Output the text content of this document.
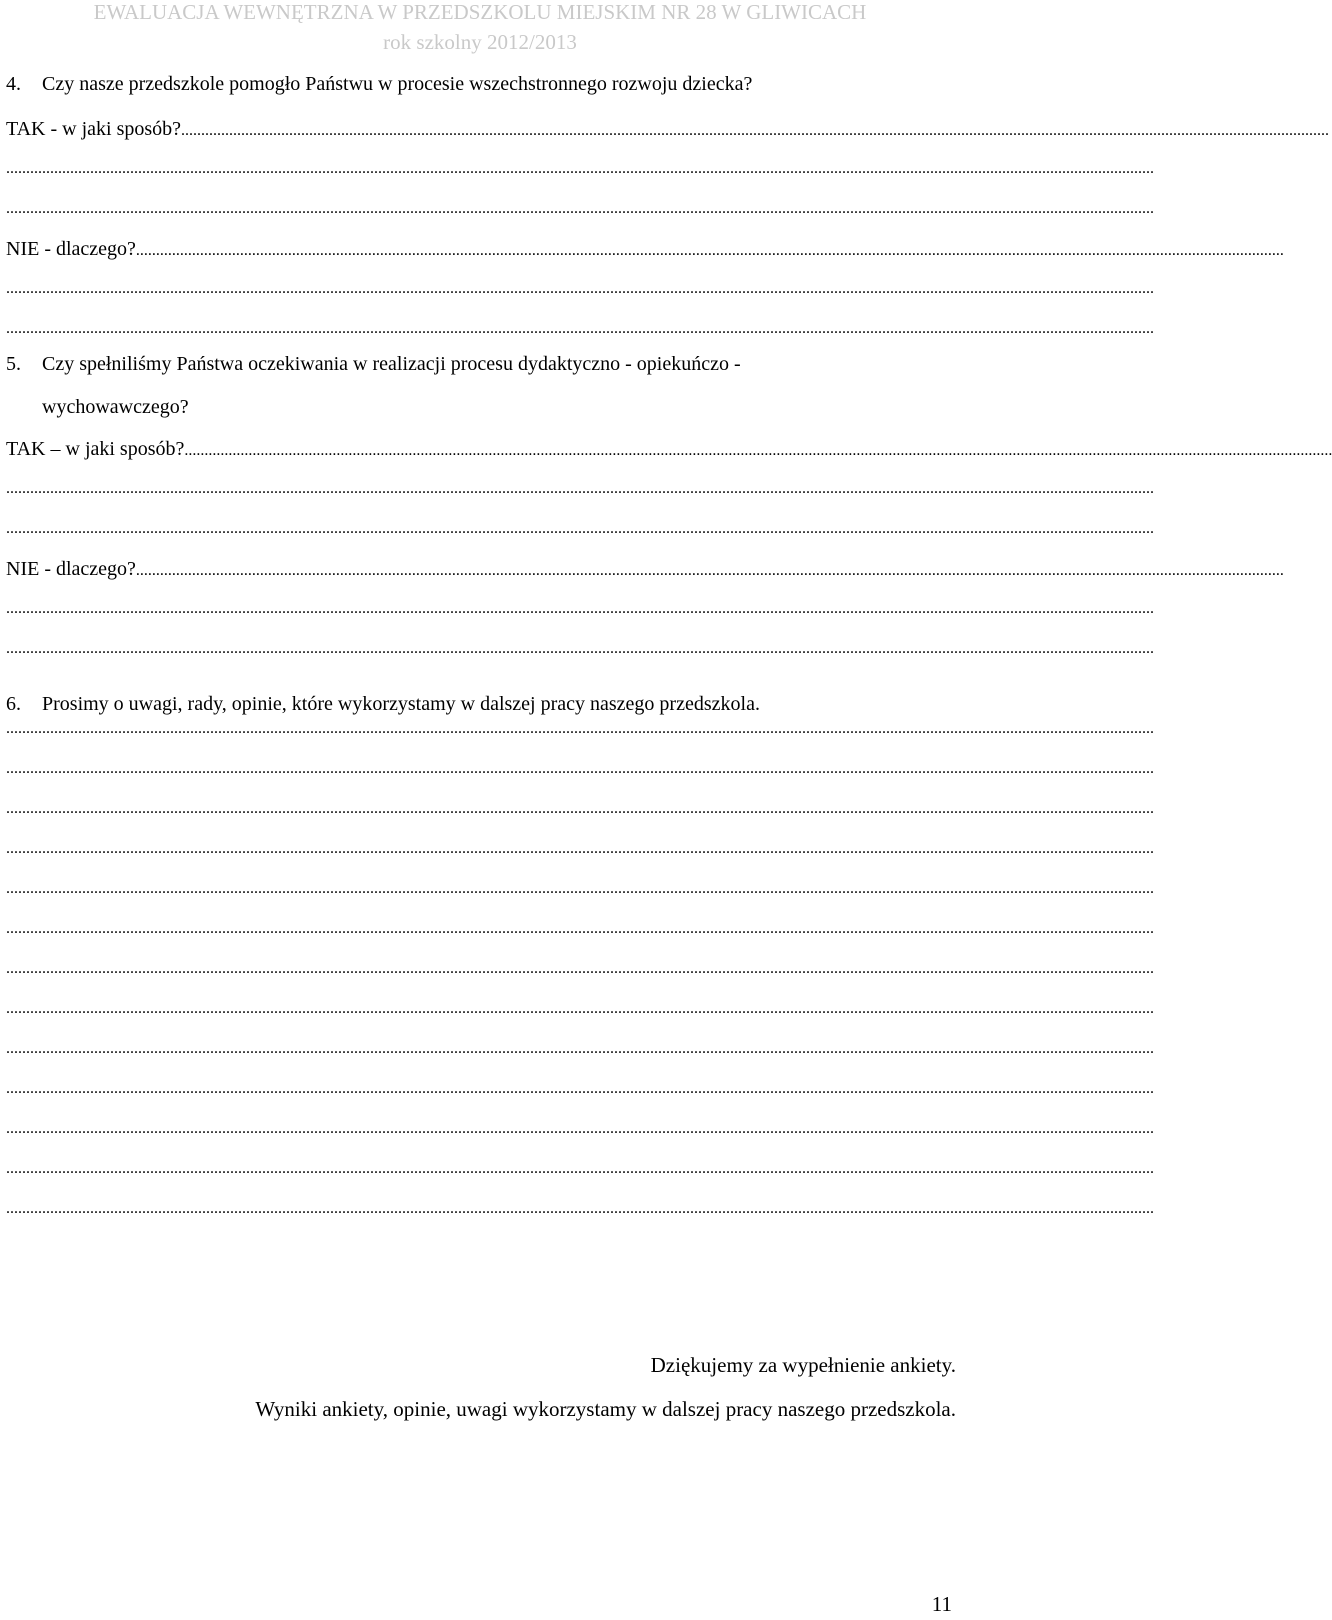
EWALUACJA WEWNĘTRZNA W PRZEDSZKOLU MIEJSKIM NR 28 W GLIWICACH
rok szkolny 2012/2013
4. Czy nasze przedszkole pomogło Państwu w procesie wszechstronnego rozwoju dziecka?
TAK - w jaki sposób?...............................................................................................................................................................................................................................................................................................
...............................................................................................................................................................................................................................................................................................
...............................................................................................................................................................................................................................................................................................
NIE - dlaczego?...............................................................................................................................................................................................................................................................................................
...............................................................................................................................................................................................................................................................................................
...............................................................................................................................................................................................................................................................................................
5. Czy spełniliśmy Państwa oczekiwania w realizacji procesu dydaktyczno - opiekuńczo -
wychowawczego?
TAK – w jaki sposób?...............................................................................................................................................................................................................................................................................................
...............................................................................................................................................................................................................................................................................................
...............................................................................................................................................................................................................................................................................................
NIE - dlaczego?...............................................................................................................................................................................................................................................................................................
...............................................................................................................................................................................................................................................................................................
...............................................................................................................................................................................................................................................................................................
6. Prosimy o uwagi, rady, opinie, które wykorzystamy w dalszej pracy naszego przedszkola.
...............................................................................................................................................................................................................................................................................................
...............................................................................................................................................................................................................................................................................................
...............................................................................................................................................................................................................................................................................................
...............................................................................................................................................................................................................................................................................................
...............................................................................................................................................................................................................................................................................................
...............................................................................................................................................................................................................................................................................................
...............................................................................................................................................................................................................................................................................................
...............................................................................................................................................................................................................................................................................................
...............................................................................................................................................................................................................................................................................................
...............................................................................................................................................................................................................................................................................................
...............................................................................................................................................................................................................................................................................................
...............................................................................................................................................................................................................................................................................................
...............................................................................................................................................................................................................................................................................................
Dziękujemy za wypełnienie ankiety.
Wyniki ankiety, opinie, uwagi wykorzystamy w dalszej pracy naszego przedszkola.
11
